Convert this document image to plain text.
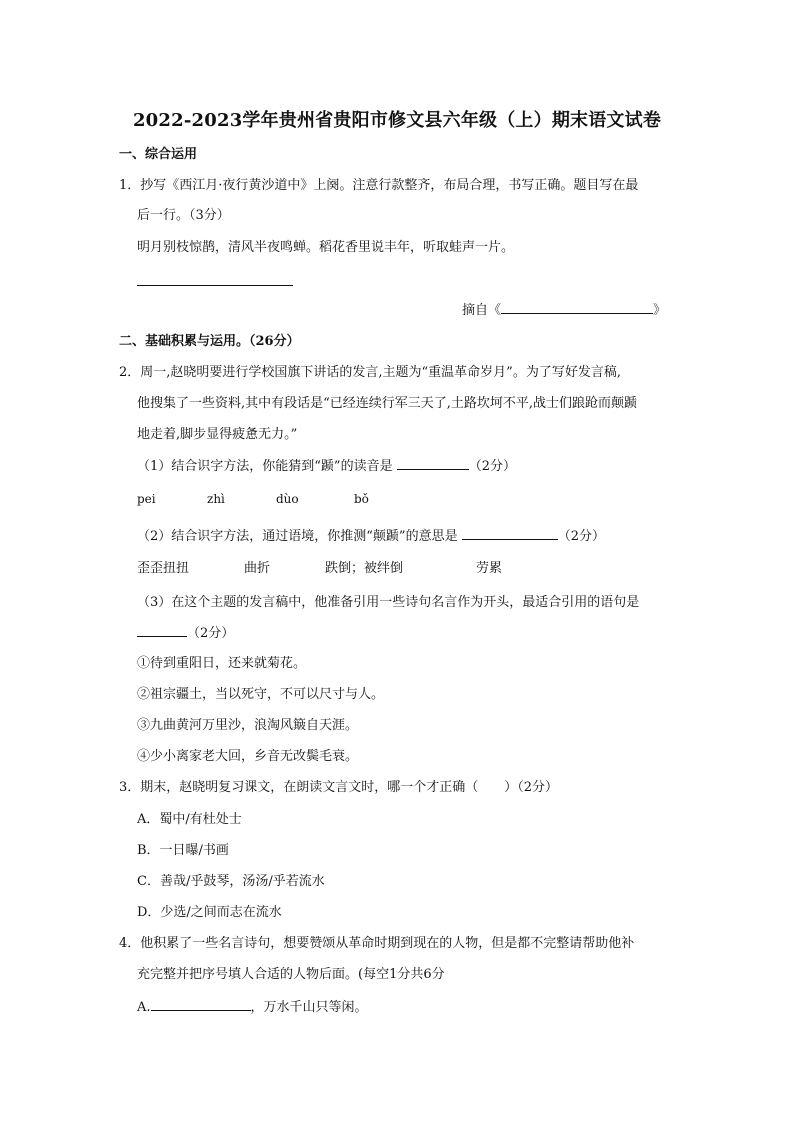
2022-2023学年贵州省贵阳市修文县六年级（上）期末语文试卷
一、综合运用
1．抄写《西江月·夜行黄沙道中》上阕。注意行款整齐，布局合理，书写正确。题目写在最
后一行。（3分）
明月别枝惊鹊，清风半夜鸣蝉。稻花香里说丰年，听取蛙声一片。
摘自《	》
二、基础积累与运用。（26分）
2．周一,赵晓明要进行学校国旗下讲话的发言,主题为“重温革命岁月”。为了写好发言稿,
他搜集了一些资料,其中有段话是“已经连续行军三天了,土路坎坷不平,战士们踉跄而颠踬
地走着,脚步显得疲惫无力。”
（1）结合识字方法，你能猜到“踬”的读音是	（2分）
pei	zhì	dùo	bǒ
（2）结合识字方法，通过语境，你推测“颠踬”的意思是	（2分）
歪歪扭扭	曲折	跌倒；被绊倒	劳累
（3）在这个主题的发言稿中，他准备引用一些诗句名言作为开头，最适合引用的语句是
（2分）
①待到重阳日，还来就菊花。
②祖宗疆土，当以死守，不可以尺寸与人。
③九曲黄河万里沙，浪淘风簸自天涯。
④少小离家老大回，乡音无改鬓毛衰。
3．期末，赵晓明复习课文，在朗读文言文时，哪一个才正确（　　）（2分）
A．蜀中/有杜处士
B．一日曝/书画
C．善哉/乎鼓琴，汤汤/乎若流水
D．少选/之间而志在流水
4．他积累了一些名言诗句，想要赞颂从革命时期到现在的人物，但是都不完整请帮助他补
充完整并把序号填人合适的人物后面。(每空1分共6分
A.	，万水千山只等闲。
